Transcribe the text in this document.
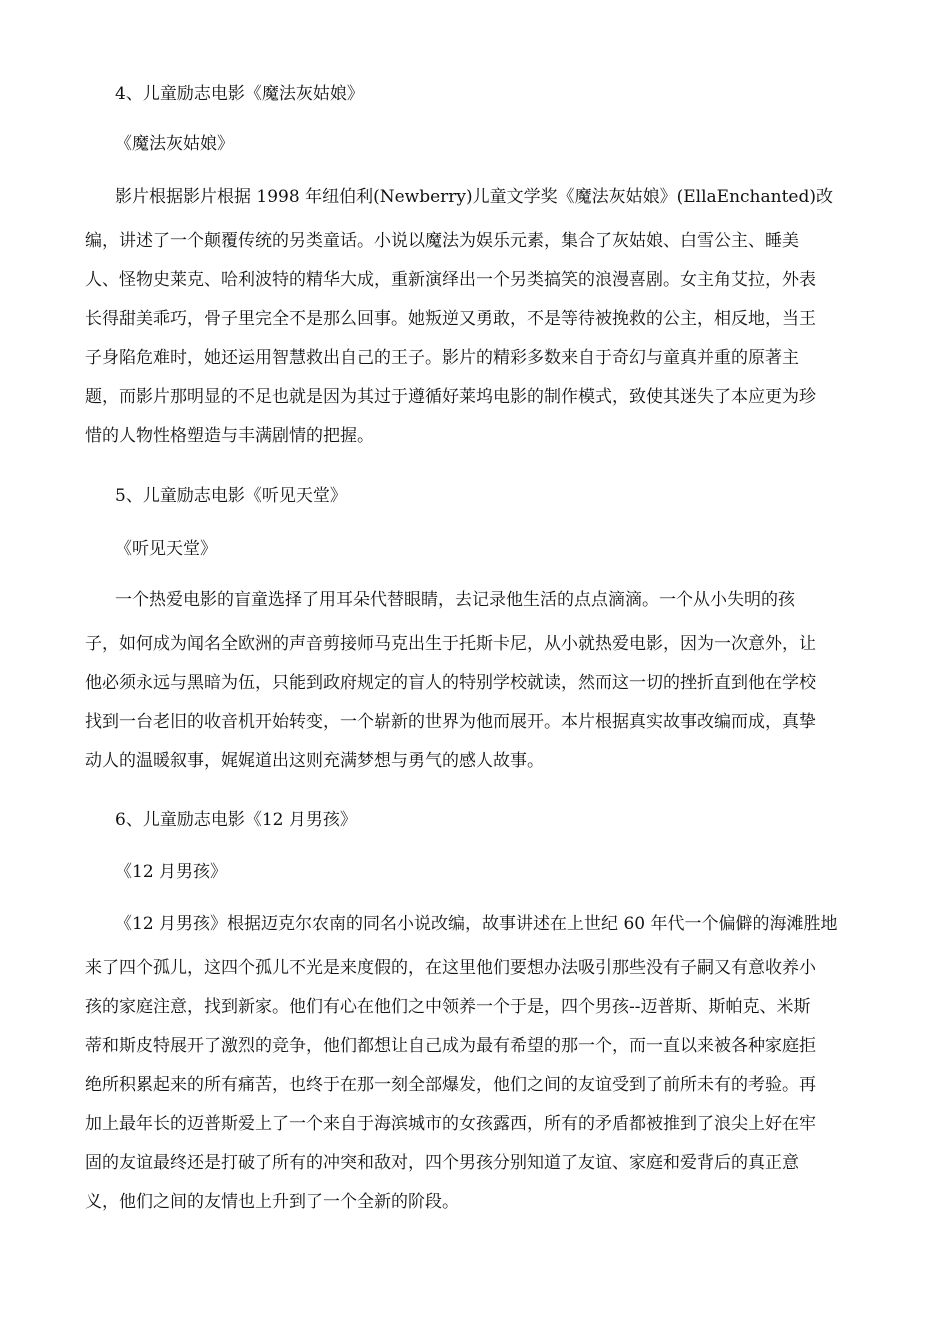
4、儿童励志电影《魔法灰姑娘》
《魔法灰姑娘》
影片根据影片根据 1998 年纽伯利(Newberry)儿童文学奖《魔法灰姑娘》(EllaEnchanted)改
编，讲述了一个颠覆传统的另类童话。小说以魔法为娱乐元素，集合了灰姑娘、白雪公主、睡美
人、怪物史莱克、哈利波特的精华大成，重新演绎出一个另类搞笑的浪漫喜剧。女主角艾拉，外表
长得甜美乖巧，骨子里完全不是那么回事。她叛逆又勇敢，不是等待被挽救的公主，相反地，当王
子身陷危难时，她还运用智慧救出自己的王子。影片的精彩多数来自于奇幻与童真并重的原著主
题，而影片那明显的不足也就是因为其过于遵循好莱坞电影的制作模式，致使其迷失了本应更为珍
惜的人物性格塑造与丰满剧情的把握。
5、儿童励志电影《听见天堂》
《听见天堂》
一个热爱电影的盲童选择了用耳朵代替眼睛，去记录他生活的点点滴滴。一个从小失明的孩
子，如何成为闻名全欧洲的声音剪接师马克出生于托斯卡尼，从小就热爱电影，因为一次意外，让
他必须永远与黑暗为伍，只能到政府规定的盲人的特别学校就读，然而这一切的挫折直到他在学校
找到一台老旧的收音机开始转变，一个崭新的世界为他而展开。本片根据真实故事改编而成，真挚
动人的温暖叙事，娓娓道出这则充满梦想与勇气的感人故事。
6、儿童励志电影《12 月男孩》
《12 月男孩》
《12 月男孩》根据迈克尔农南的同名小说改编，故事讲述在上世纪 60 年代一个偏僻的海滩胜地
来了四个孤儿，这四个孤儿不光是来度假的，在这里他们要想办法吸引那些没有子嗣又有意收养小
孩的家庭注意，找到新家。他们有心在他们之中领养一个于是，四个男孩--迈普斯、斯帕克、米斯
蒂和斯皮特展开了激烈的竞争，他们都想让自己成为最有希望的那一个，而一直以来被各种家庭拒
绝所积累起来的所有痛苦，也终于在那一刻全部爆发，他们之间的友谊受到了前所未有的考验。再
加上最年长的迈普斯爱上了一个来自于海滨城市的女孩露西，所有的矛盾都被推到了浪尖上好在牢
固的友谊最终还是打破了所有的冲突和敌对，四个男孩分别知道了友谊、家庭和爱背后的真正意
义，他们之间的友情也上升到了一个全新的阶段。
